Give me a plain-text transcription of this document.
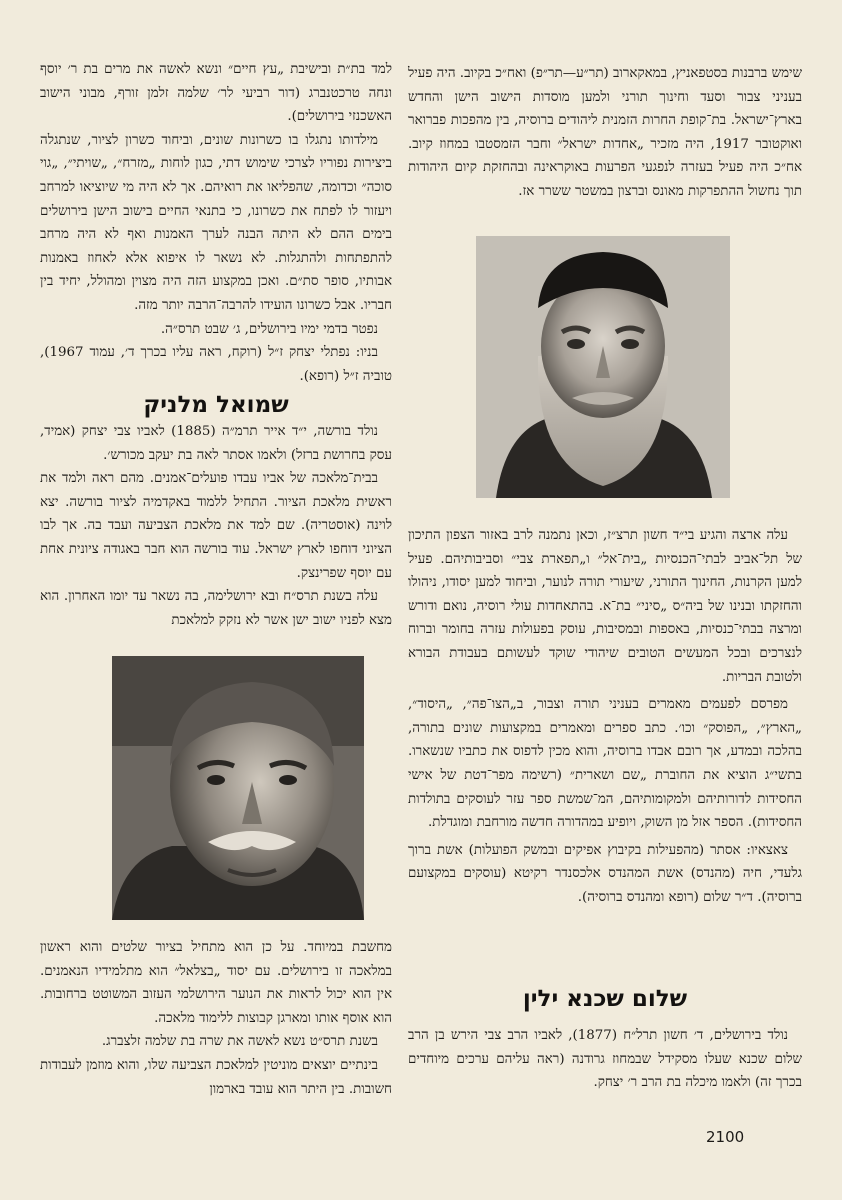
שימש ברבנות בסטפאניץ, במאקארוב (תר״ע—תר״פ) ואח״כ בקיוב. היה פעיל בעניני צבור וסעד וחינוך תורני ולמען מוסדות הישוב הישן והחדש בארץ־ישראל. בת־קופת החרות הזמנית ליהודים ברוסיה, בין מהפכות פברואר ואוקטובר 1917, היה מזכיר „אחדות ישראל״ וחבר הזמסטבו במחוז קיוב. אח״כ היה פעיל בעזרה לנפגעי הפרעות באוקראינה ובהחזקת קיום היהודות תוך נחשול ההתפרקות מאונס וברצון במשטר ששרר אז.

עלה ארצה והגיע בי״ד חשון תרצ״ז, וכאן נתמנה לרב באזור הצפון התיכון של תל־אביב לבתי־הכנסיות „בית־אל״ ו„תפארת צבי״ וסביבותיהם. פעיל למען הקרנות, החינוך התורני, שיעורי תורה לנוער, וביחוד למען יסודו, ניהולו והחזקתו ובנינו של ביה״ס „סיני״ בת־א. בהתאחדות עולי רוסיה, נואם ודורש ומרצה בבתי־כנסיות, באספות ובמסיבות, עוסק בפעולות עזרה בחומר וברוח לנצרכים ובכל המעשים הטובים שיהודי שוקד לעשותם בעבודת הבורא ולטובת הבריות.

מפרסם לפעמים מאמרים בעניני תורה וצבור, ב„הצו־פה״, „היסוד״, „הארץ״, „הפוסק״ וכו׳. כתב ספרים ומאמרים במקצועות שונים בתורה, בהלכה ובמדע, אך רובם אבדו ברוסיה, והוא מכין לדפוס את כתביו שנשארו. בתשי״ג הוציא את החוברת „שם ושארית״ (רשימה מפר־דטת של אישי החסידות לדורותיהם ולמקומותיהם, המ־שמשת ספר עזר לעוסקים בתולדות החסידות). הספר אזל מן השוק, ויופיע במהדורה חדשה מורחבת ומוגדלת.

צאצאיו: אסתר (מהפעילות בקיבוץ אפיקים ובמשק הפועלות) אשת ברוך גלעדי, חיה (מהנדס) אשת המהנדס אלכסנדר רקיטא (עוסקים במקצועם ברוסיה). ד״ר שלום (רופא ומהנדס ברוסיה).

שלום שכנא ילין

נולד בירושלים, ד׳ חשון תרל״ח (1877), לאביו הרב צבי הירש בן הרב שלום שכנא שעלו מסקידל שבמחוז גרודנה (ראה עליהם ערכים מיוחדים בכרך זה) ולאמו מיכלה בת הרב ר׳ יצחק.

למד בת״ת ובישיבת „עץ חיים״ ונשא לאשה את מרים בת ר׳ יוסף ונחה טרכטנברג (דור רביעי לר׳ שלמה זלמן זורף, מבוני הישוב האשכנזי בירושלים).

מילדותו נתגלו בו כשרונות שונים, וביחוד כשרון לציור, שנתגלה ביצירות נפוריו לצרכי שימוש דתי, כגון לוחות „מזרח״, „שויתי״, „גוי סוכה״ וכדומה, שהפליאו את רואיהם. אך לא היה מי שיוציאו למרחב ויעזור לו לפתח את כשרונו, כי בתנאי החיים בישוב הישן בירושלים בימים ההם לא היתה הבנה לערך האמנות ואף לא היה מרחב להתפתחות ולהתגלות. לא נשאר לו איפוא אלא לאחוז באמנות אבותיו, סופר סת״ם. ואכן במקצוע הזה היה מצוין ומהולל, יחיד בין חבריו. אבל כשרונו הועידו להרבה־הרבה יותר מזה.

נפטר בדמי ימיו בירושלים, ג׳ שבט תרס״ה.

בניו: נפתלי יצחק ז״ל (רוקח, ראה עליו בכרך ד׳, עמוד 1967), טוביה ז״ל (רופא).

שמואל מלניק

נולד בורשה, י״ד אייר תרמ״ה (1885) לאביו צבי יצחק (אמיד, עסק בחרושת ברזל) ולאמו אסתר לאה בת יעקב מכורש׳.

בבית־מלאכה של אביו עבדו פועלים־אמנים. מהם ראה ולמד את ראשית מלאכת הציור. התחיל ללמוד באקדמיה לציור בורשה. יצא לוינה (אוסטריה). שם למד את מלאכת הצביעה ועבד בה. אך לבו הציוני דוחפו לארץ ישראל. עוד בורשה הוא חבר באגודה ציונית אחת עם יוסף שפרינצק.

עלה בשנת תרס״ח ובא ירושלימה, בה נשאר עד יומו האחרון. הוא מצא לפניו ישוב ישן אשר לא נזקק למלאכת

מחשבת במיוחד. על כן הוא מתחיל בציור שלטים והוא ראשון במלאכה זו בירושלים. עם יסוד „בצלאל״ הוא מתלמידיו הנאמנים. אין הוא יכול לראות את הנוער הירושלמי העזוב המשוטט ברחובות. הוא אוסף אותו ומארגן קבוצות ללימוד מלאכה.

בשנת תרס״ט נשא לאשה את שרה בת שלמה זלצברג.

בינתיים יוצאים מוניטין למלאכת הצביעה שלו, והוא מוזמן לעבודות חשובות. בין היתר הוא עובד בארמון

2100
